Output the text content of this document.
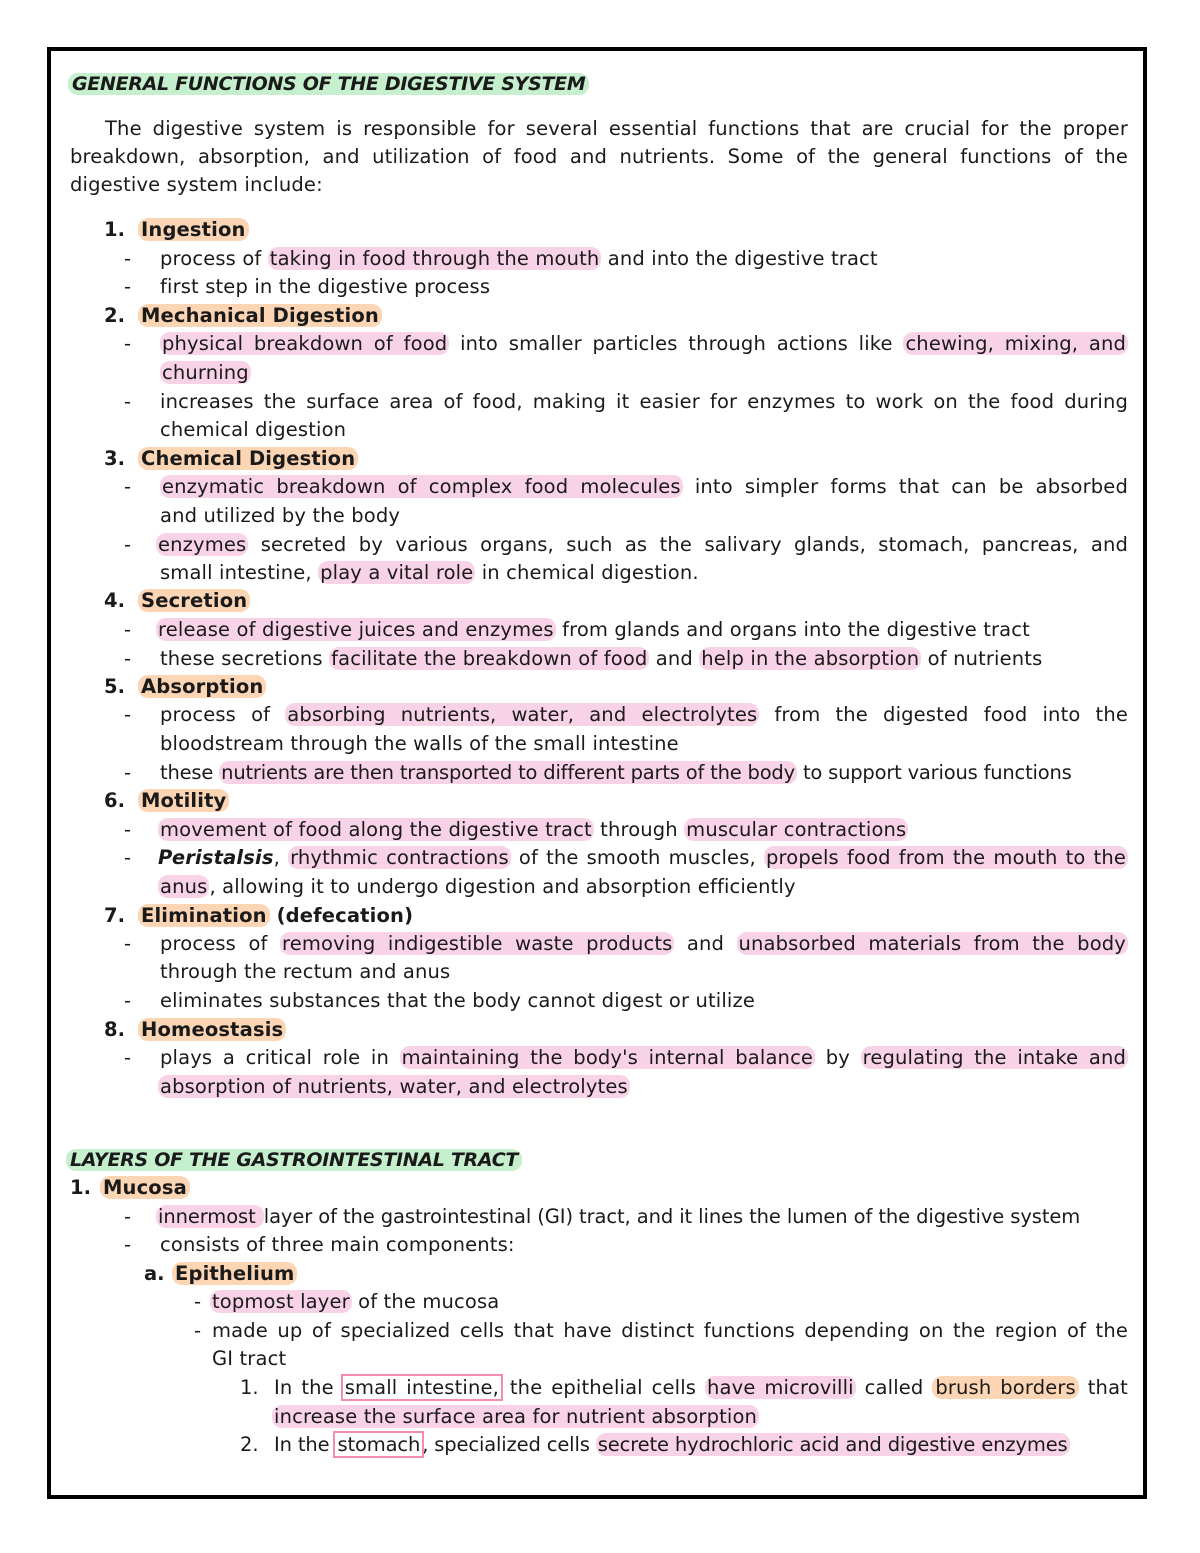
GENERAL FUNCTIONS OF THE DIGESTIVE SYSTEM
The digestive system is responsible for several essential functions that are crucial for the proper
breakdown, absorption, and utilization of food and nutrients. Some of the general functions of the
digestive system include:
1. Ingestion
- process of taking in food through the mouth and into the digestive tract
- first step in the digestive process
2. Mechanical Digestion
- physical breakdown of food into smaller particles through actions like chewing, mixing, and
churning
- increases the surface area of food, making it easier for enzymes to work on the food during
chemical digestion
3. Chemical Digestion
- enzymatic breakdown of complex food molecules into simpler forms that can be absorbed
and utilized by the body
- enzymes secreted by various organs, such as the salivary glands, stomach, pancreas, and
small intestine, play a vital role in chemical digestion.
4. Secretion
- release of digestive juices and enzymes from glands and organs into the digestive tract
- these secretions facilitate the breakdown of food and help in the absorption of nutrients
5. Absorption
- process of absorbing nutrients, water, and electrolytes from the digested food into the
bloodstream through the walls of the small intestine
- these nutrients are then transported to different parts of the body to support various functions
6. Motility
- movement of food along the digestive tract through muscular contractions
- Peristalsis, rhythmic contractions of the smooth muscles, propels food from the mouth to the
anus , allowing it to undergo digestion and absorption efficiently
7. Elimination (defecation)
- process of removing indigestible waste products and unabsorbed materials from the body
through the rectum and anus
- eliminates substances that the body cannot digest or utilize
8. Homeostasis
- plays a critical role in maintaining the body's internal balance by regulating the intake and
absorption of nutrients, water, and electrolytes
LAYERS OF THE GASTROINTESTINAL TRACT
1. Mucosa
- innermost layer of the gastrointestinal (GI) tract, and it lines the lumen of the digestive system
- consists of three main components:
a. Epithelium
- topmost layer of the mucosa
- made up of specialized cells that have distinct functions depending on the region of the
GI tract
1. In the small intestine, the epithelial cells have microvilli called brush borders that
increase the surface area for nutrient absorption
2. In the stomach , specialized cells secrete hydrochloric acid and digestive enzymes
